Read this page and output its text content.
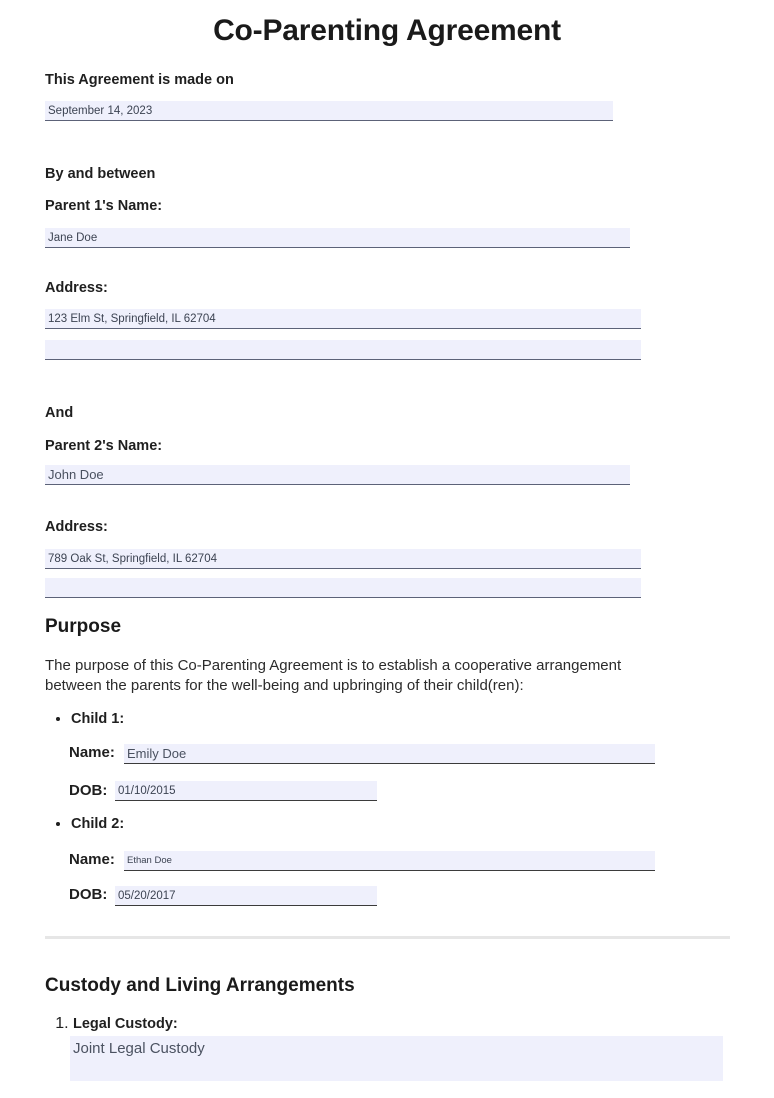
Co-Parenting Agreement
This Agreement is made on
September 14, 2023
By and between
Parent 1's Name:
Jane Doe
Address:
123 Elm St, Springfield, IL 62704
And
Parent 2's Name:
John Doe
Address:
789 Oak St, Springfield, IL 62704
Purpose

The purpose of this Co-Parenting Agreement is to establish a cooperative arrangement between the parents for the well-being and upbringing of their child(ren):

• Child 1:
Name: Emily Doe
DOB: 01/10/2015
• Child 2:
Name:	Ethan Doe
DOB: 05/20/2017
Custody and Living Arrangements
1. Legal Custody:
Joint Legal Custody
